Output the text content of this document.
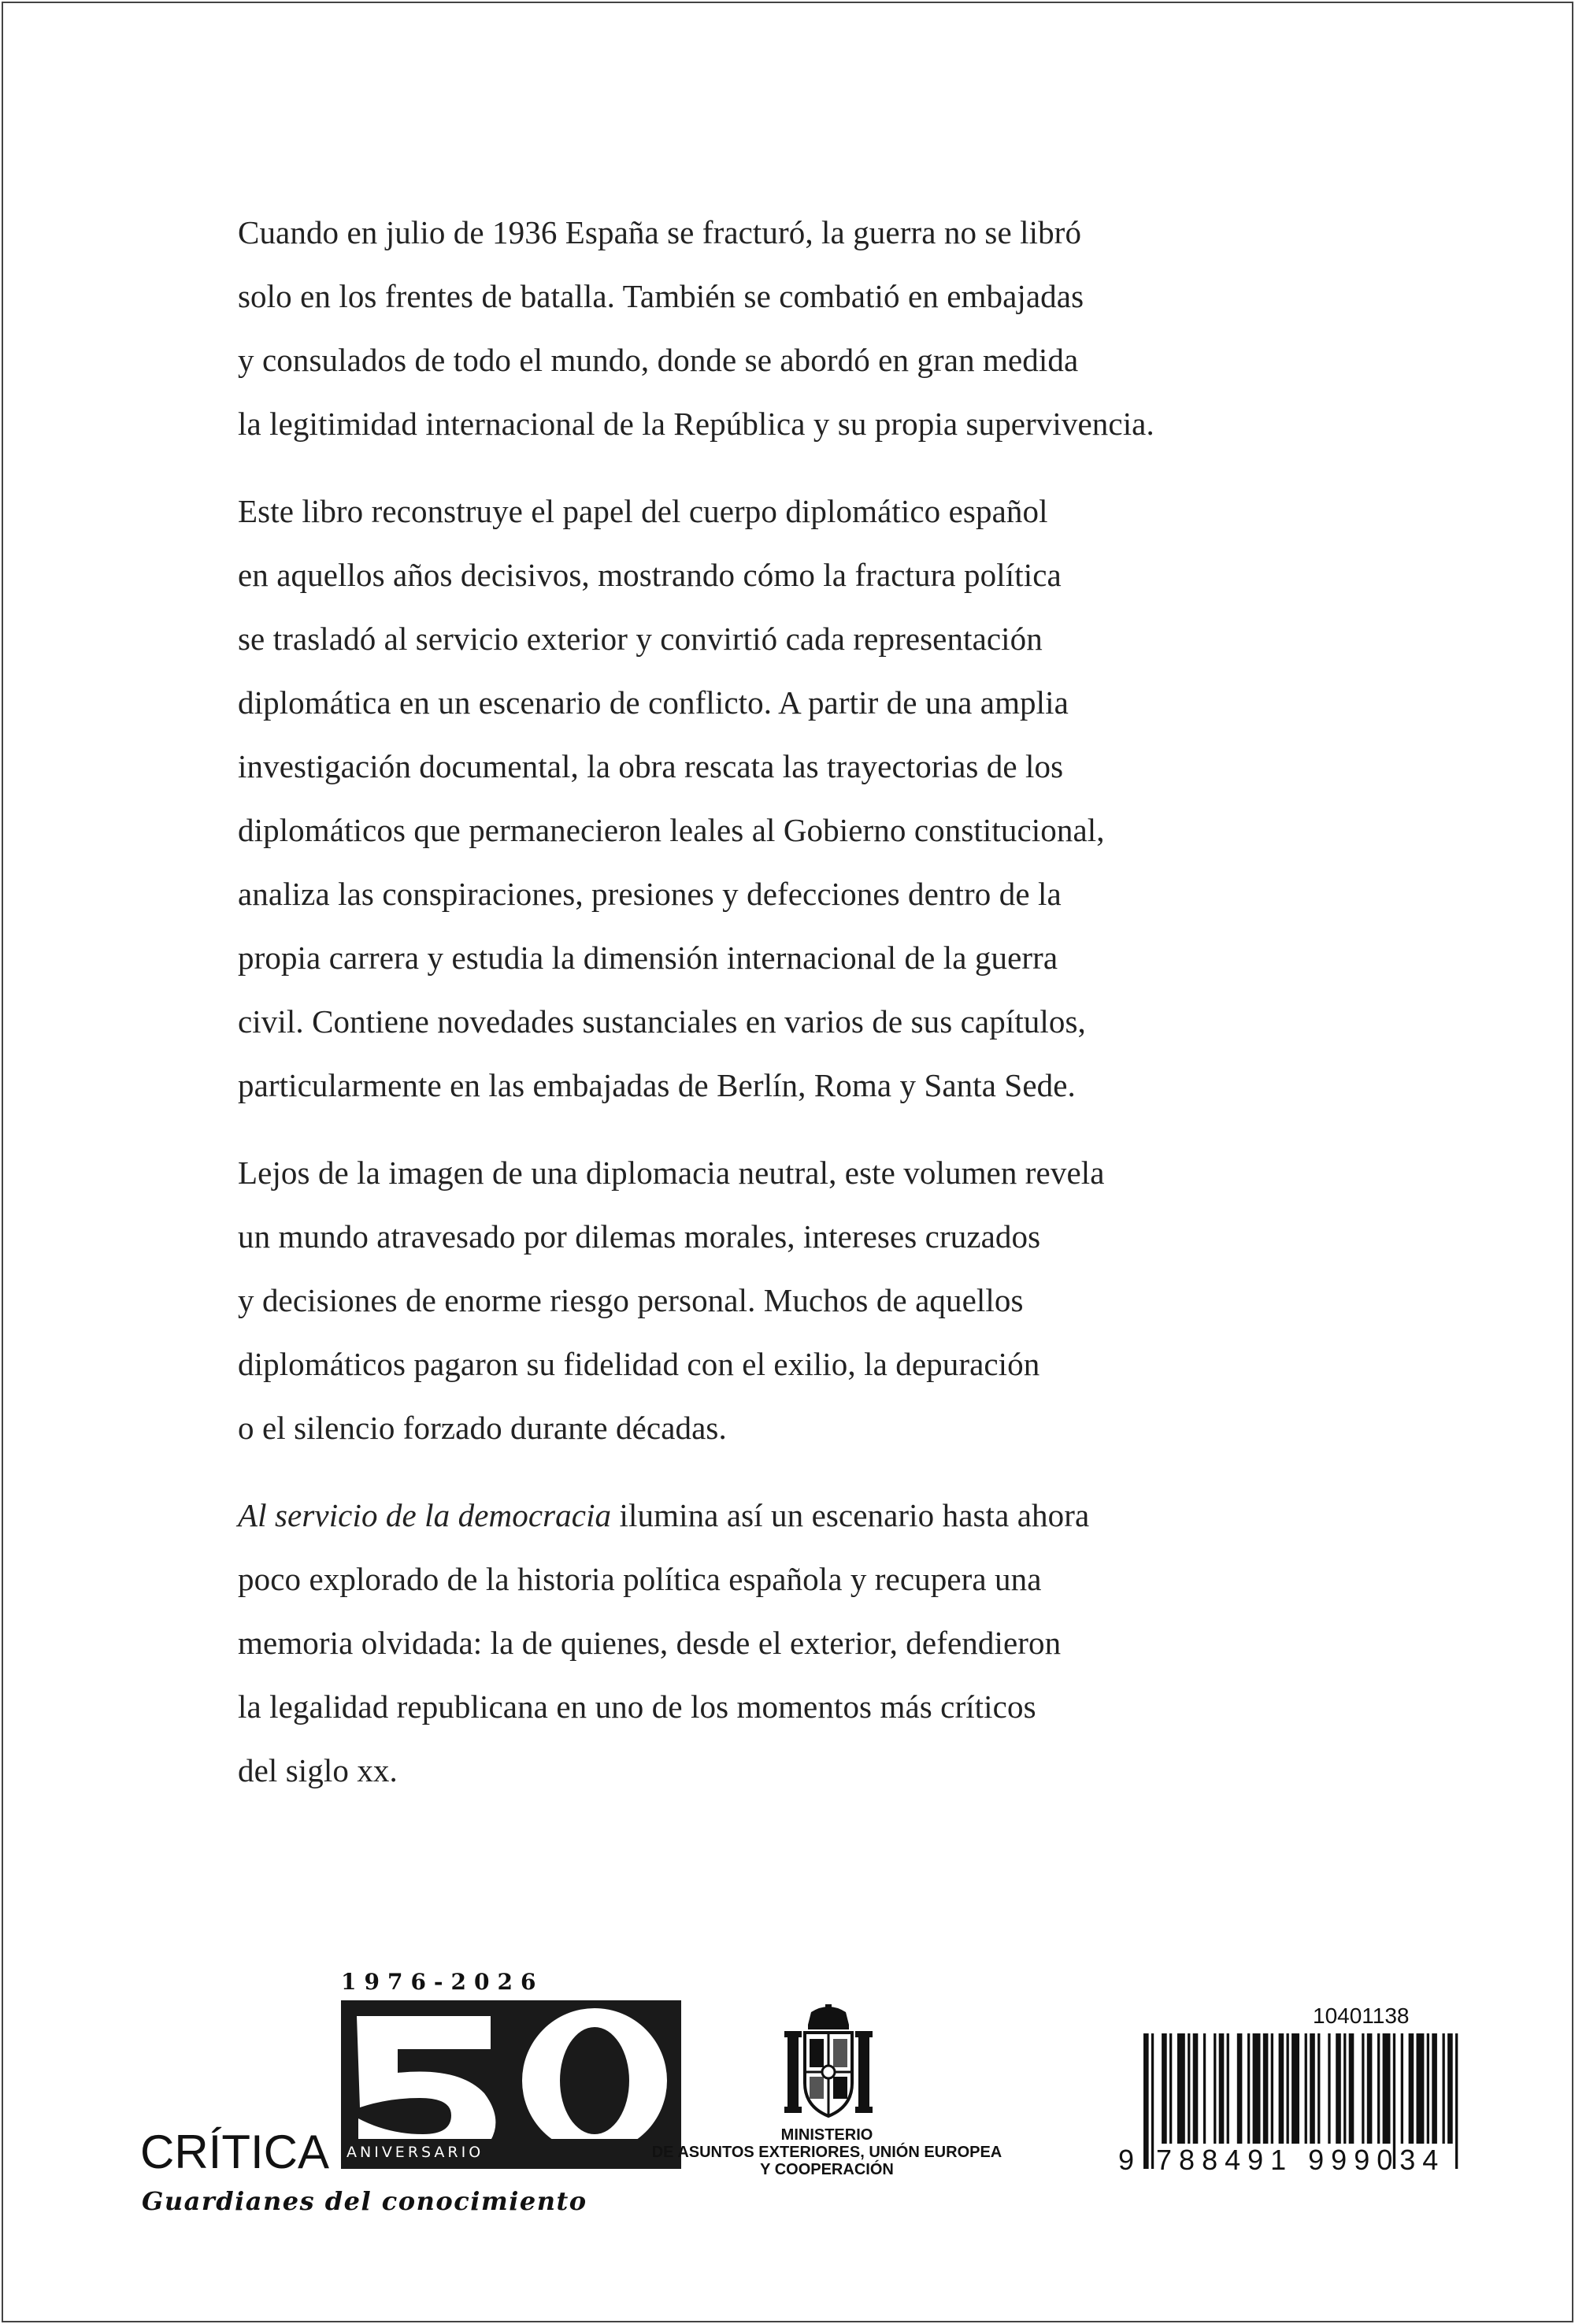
Cuando en julio de 1936 España se fracturó, la guerra no se libró
solo en los frentes de batalla. También se combatió en embajadas
y consulados de todo el mundo, donde se abordó en gran medida
la legitimidad internacional de la República y su propia supervivencia.

Este libro reconstruye el papel del cuerpo diplomático español
en aquellos años decisivos, mostrando cómo la fractura política
se trasladó al servicio exterior y convirtió cada representación
diplomática en un escenario de conflicto. A partir de una amplia
investigación documental, la obra rescata las trayectorias de los
diplomáticos que permanecieron leales al Gobierno constitucional,
analiza las conspiraciones, presiones y defecciones dentro de la
propia carrera y estudia la dimensión internacional de la guerra
civil. Contiene novedades sustanciales en varios de sus capítulos,
particularmente en las embajadas de Berlín, Roma y Santa Sede.

Lejos de la imagen de una diplomacia neutral, este volumen revela
un mundo atravesado por dilemas morales, intereses cruzados
y decisiones de enorme riesgo personal. Muchos de aquellos
diplomáticos pagaron su fidelidad con el exilio, la depuración
o el silencio forzado durante décadas.

Al servicio de la democracia ilumina así un escenario hasta ahora
poco explorado de la historia política española y recupera una
memoria olvidada: la de quienes, desde el exterior, defendieron
la legalidad republicana en uno de los momentos más críticos
del siglo xx.

1976-2026
ANIVERSARIO
CRÍTICA
Guardianes del conocimiento
MINISTERIO
DE ASUNTOS EXTERIORES, UNIÓN EUROPEA
Y COOPERACIÓN
10401138
9 788491 999034
